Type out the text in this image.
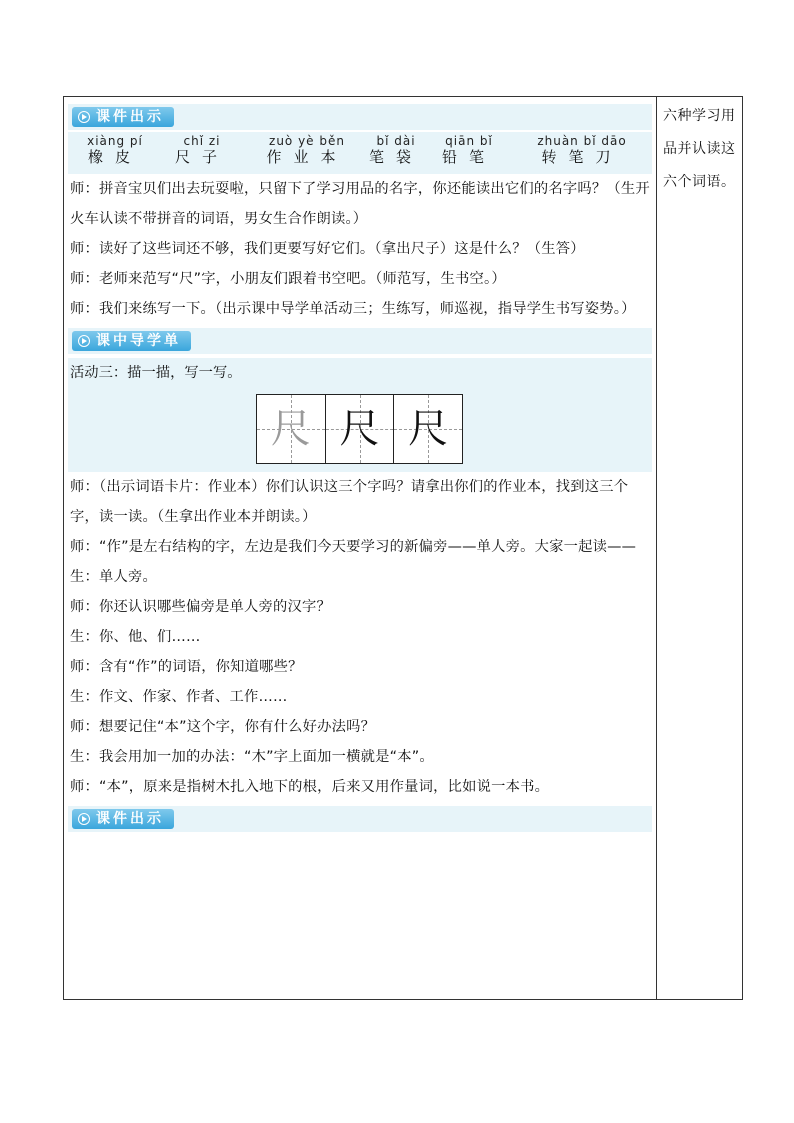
课件出示
xiàng pí
橡皮
chǐ zi
尺子
zuò yè běn
作业本
bǐ dài
笔袋
qiān bǐ
铅笔
zhuàn bǐ dāo
转笔刀

师：拼音宝贝们出去玩耍啦，只留下了学习用品的名字，你还能读出它们的名字吗？（生开火车认读不带拼音的词语，男女生合作朗读。）

师：读好了这些词还不够，我们更要写好它们。（拿出尺子）这是什么？（生答）

师：老师来范写“尺”字，小朋友们跟着书空吧。（师范写，生书空。）

师：我们来练写一下。（出示课中导学单活动三；生练写，师巡视，指导学生书写姿势。）

课中导学单
活动三：描一描，写一写。
尺 尺 尺

师：（出示词语卡片：作业本）你们认识这三个字吗？请拿出你们的作业本，找到这三个字，读一读。（生拿出作业本并朗读。）

师：“作”是左右结构的字，左边是我们今天要学习的新偏旁——单人旁。大家一起读——

生：单人旁。

师：你还认识哪些偏旁是单人旁的汉字？

生：你、他、们……

师：含有“作”的词语，你知道哪些？

生：作文、作家、作者、工作……

师：想要记住“本”这个字，你有什么好办法吗？

生：我会用加一加的办法：“木”字上面加一横就是“本”。

师：“本”，原来是指树木扎入地下的根，后来又用作量词，比如说一本书。

课件出示
六种学习用品并认读这六个词语。
